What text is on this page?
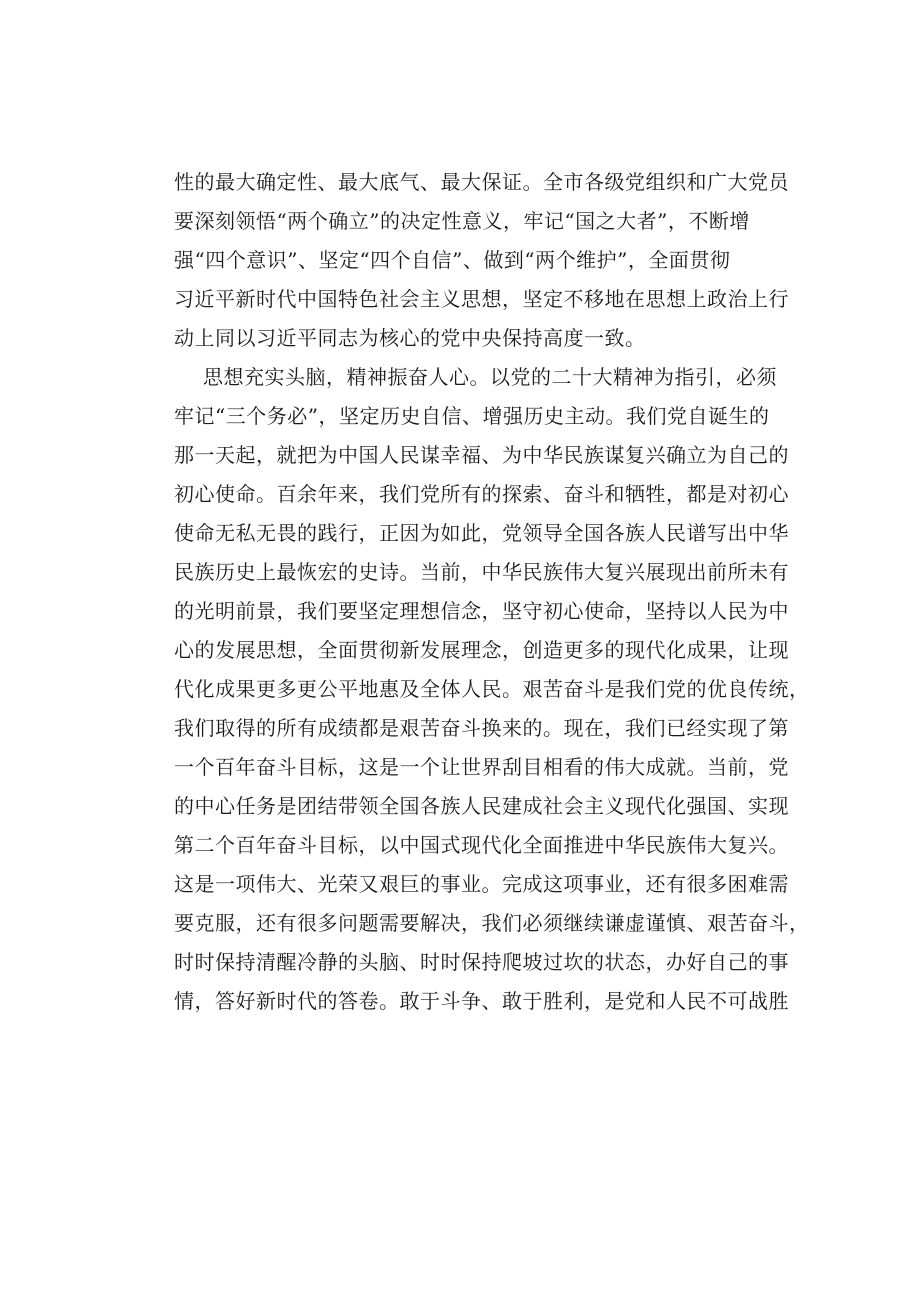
性的最大确定性、最大底气、最大保证。全市各级党组织和广大党员
要深刻领悟“两个确立”的决定性意义，牢记“国之大者”，不断增
强“四个意识”、坚定“四个自信”、做到“两个维护”，全面贯彻
习近平新时代中国特色社会主义思想，坚定不移地在思想上政治上行
动上同以习近平同志为核心的党中央保持高度一致。
思想充实头脑，精神振奋人心。以党的二十大精神为指引，必须
牢记“三个务必”，坚定历史自信、增强历史主动。我们党自诞生的
那一天起，就把为中国人民谋幸福、为中华民族谋复兴确立为自己的
初心使命。百余年来，我们党所有的探索、奋斗和牺牲，都是对初心
使命无私无畏的践行，正因为如此，党领导全国各族人民谱写出中华
民族历史上最恢宏的史诗。当前，中华民族伟大复兴展现出前所未有
的光明前景，我们要坚定理想信念，坚守初心使命，坚持以人民为中
心的发展思想，全面贯彻新发展理念，创造更多的现代化成果，让现
代化成果更多更公平地惠及全体人民。艰苦奋斗是我们党的优良传统，
我们取得的所有成绩都是艰苦奋斗换来的。现在，我们已经实现了第
一个百年奋斗目标，这是一个让世界刮目相看的伟大成就。当前，党
的中心任务是团结带领全国各族人民建成社会主义现代化强国、实现
第二个百年奋斗目标，以中国式现代化全面推进中华民族伟大复兴。
这是一项伟大、光荣又艰巨的事业。完成这项事业，还有很多困难需
要克服，还有很多问题需要解决，我们必须继续谦虚谨慎、艰苦奋斗，
时时保持清醒冷静的头脑、时时保持爬坡过坎的状态，办好自己的事
情，答好新时代的答卷。敢于斗争、敢于胜利，是党和人民不可战胜
